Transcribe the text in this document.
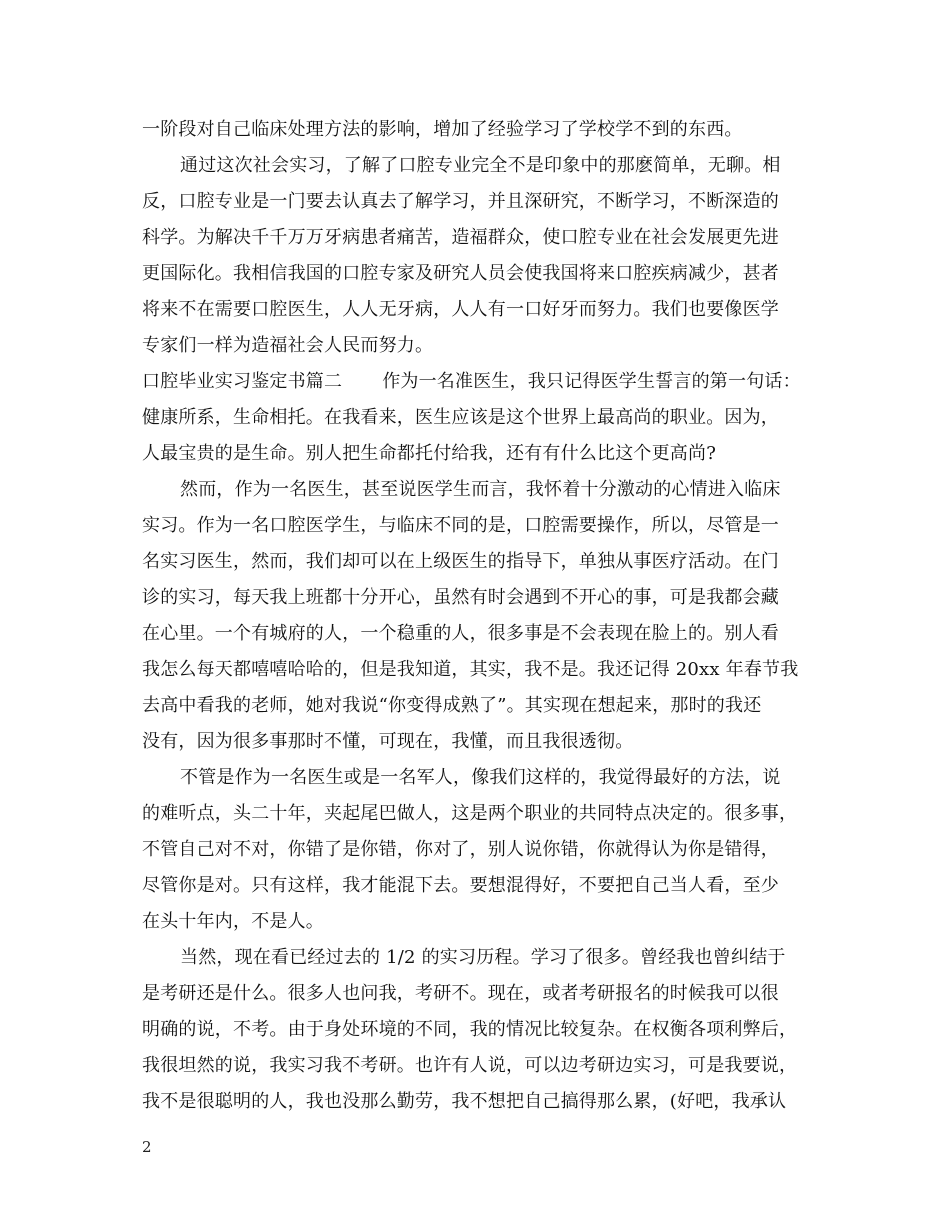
一阶段对自己临床处理方法的影响，增加了经验学习了学校学不到的东西。
通过这次社会实习，了解了口腔专业完全不是印象中的那麽简单，无聊。相
反，口腔专业是一门要去认真去了解学习，并且深研究，不断学习，不断深造的
科学。为解决千千万万牙病患者痛苦，造福群众，使口腔专业在社会发展更先进
更国际化。我相信我国的口腔专家及研究人员会使我国将来口腔疾病减少，甚者
将来不在需要口腔医生，人人无牙病，人人有一口好牙而努力。我们也要像医学
专家们一样为造福社会人民而努力。
口腔毕业实习鉴定书篇二 作为一名准医生，我只记得医学生誓言的第一句话：
健康所系，生命相托。在我看来，医生应该是这个世界上最高尚的职业。因为，
人最宝贵的是生命。别人把生命都托付给我，还有有什么比这个更高尚?
然而，作为一名医生，甚至说医学生而言，我怀着十分激动的心情进入临床
实习。作为一名口腔医学生，与临床不同的是，口腔需要操作，所以，尽管是一
名实习医生，然而，我们却可以在上级医生的指导下，单独从事医疗活动。在门
诊的实习，每天我上班都十分开心，虽然有时会遇到不开心的事，可是我都会藏
在心里。一个有城府的人，一个稳重的人，很多事是不会表现在脸上的。别人看
我怎么每天都嘻嘻哈哈的，但是我知道，其实，我不是。我还记得 20xx 年春节我
去高中看我的老师，她对我说“你变得成熟了”。其实现在想起来，那时的我还
没有，因为很多事那时不懂，可现在，我懂，而且我很透彻。
不管是作为一名医生或是一名军人，像我们这样的，我觉得最好的方法，说
的难听点，头二十年，夹起尾巴做人，这是两个职业的共同特点决定的。很多事，
不管自己对不对，你错了是你错，你对了，别人说你错，你就得认为你是错得，
尽管你是对。只有这样，我才能混下去。要想混得好，不要把自己当人看，至少
在头十年内，不是人。
当然，现在看已经过去的 1/2 的实习历程。学习了很多。曾经我也曾纠结于
是考研还是什么。很多人也问我，考研不。现在，或者考研报名的时候我可以很
明确的说，不考。由于身处环境的不同，我的情况比较复杂。在权衡各项利弊后，
我很坦然的说，我实习我不考研。也许有人说，可以边考研边实习，可是我要说，
我不是很聪明的人，我也没那么勤劳，我不想把自己搞得那么累，(好吧，我承认
2
